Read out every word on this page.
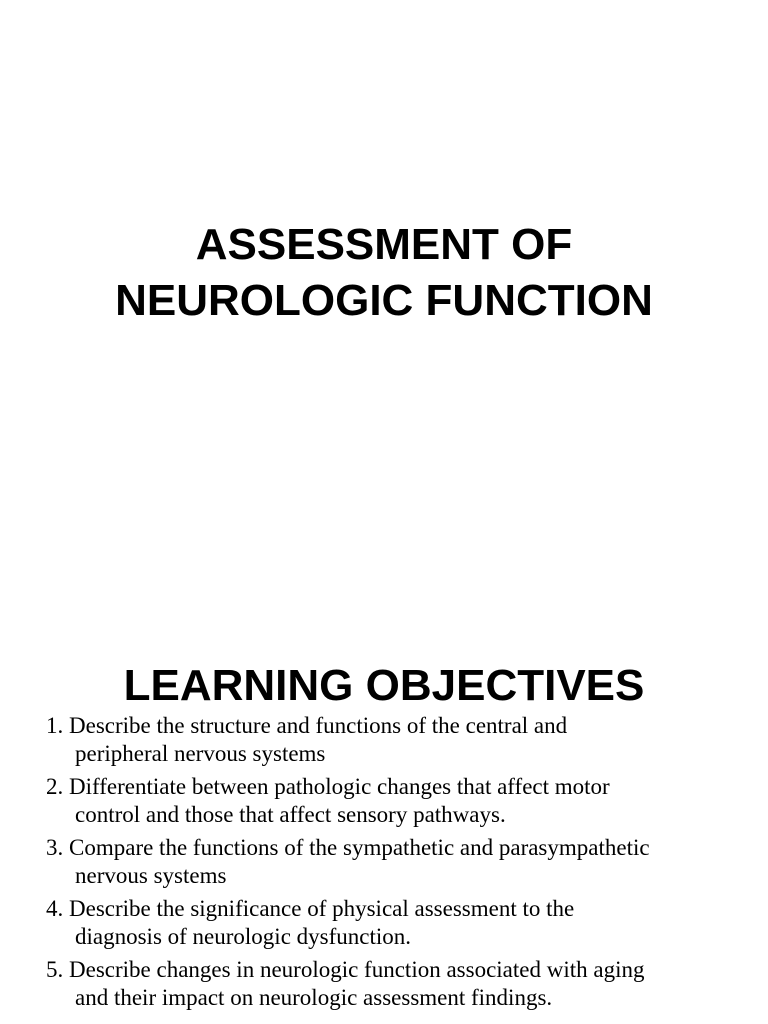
ASSESSMENT OF
NEUROLOGIC FUNCTION
LEARNING OBJECTIVES
1. Describe the structure and functions of the central and
peripheral nervous systems
2. Differentiate between pathologic changes that affect motor
control and those that affect sensory pathways.
3. Compare the functions of the sympathetic and parasympathetic
nervous systems
4. Describe the significance of physical assessment to the
diagnosis of neurologic dysfunction.
5. Describe changes in neurologic function associated with aging
and their impact on neurologic assessment findings.
